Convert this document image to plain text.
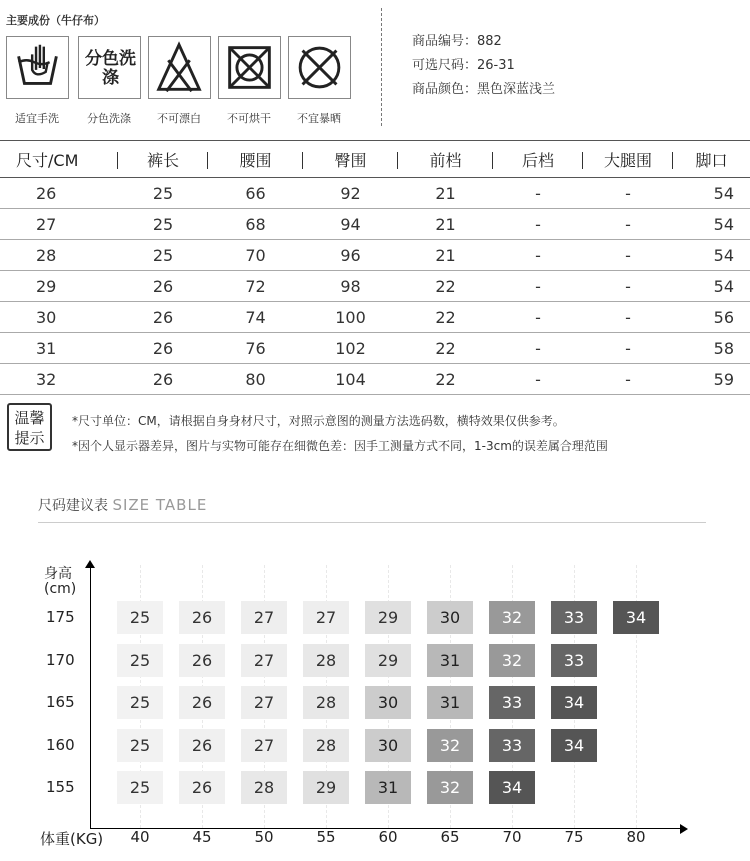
主要成份（牛仔布）
分色洗涤
适宜手洗	分色洗涤	不可漂白	不可烘干	不宜暴晒
商品编号：882
可选尺码：26-31
商品颜色：黑色深蓝浅兰
尺寸/CM	裤长	腰围	臀围	前档	后档	大腿围	脚口
26	25	66	92	21	-	-	54
27	25	68	94	21	-	-	54
28	25	70	96	21	-	-	54
29	26	72	98	22	-	-	54
30	26	74	100	22	-	-	56
31	26	76	102	22	-	-	58
32	26	80	104	22	-	-	59
温馨
提示
*尺寸单位：CM，请根据自身身材尺寸，对照示意图的测量方法选码数，横特效果仅供参考。
*因个人显示器差异，图片与实物可能存在细微色差：因手工测量方式不同，1-3cm的误差属合理范围
尺码建议表 SIZE TABLE
身高
(cm)
体重(KG)	40	45	50	55	60	65	70	75	80
175	25	26	27	27	29	30	32	33	34
170	25	26	27	28	29	31	32	33
165	25	26	27	28	30	31	33	34
160	25	26	27	28	30	32	33	34
155	25	26	28	29	31	32	34
